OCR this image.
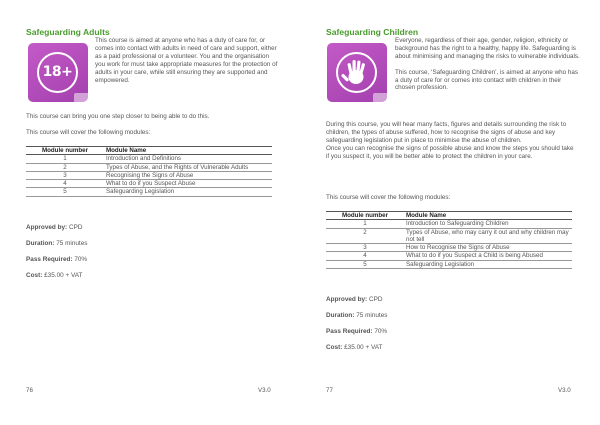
Safeguarding Adults
18+

This course is aimed at anyone who has a duty of care for, or comes into contact with adults in need of care and support, either as a paid professional or a volunteer. You and the organisation you work for must take appropriate measures for the protection of adults in your care, while still ensuring they are supported and empowered.

This course can bring you one step closer to being able to do this.

This course will cover the following modules:

Module number	Module Name
1	Introduction and Definitions
2	Types of Abuse, and the Rights of Vulnerable Adults
3	Recognising the Signs of Abuse
4	What to do if you Suspect Abuse
5	Safeguarding Legislation
Approved by: CPD
Duration: 75 minutes
Pass Required: 70%
Cost: £35.00 + VAT
76	V3.0
Safeguarding Children

Everyone, regardless of their age, gender, religion, ethnicity or background has the right to a healthy, happy life. Safeguarding is about minimising and managing the risks to vulnerable individuals.

This course, ‘Safeguarding Children’, is aimed at anyone who has a duty of care for or comes into contact with children in their chosen profession.

During this course, you will hear many facts, figures and details surrounding the risk to children, the types of abuse suffered, how to recognise the signs of abuse and key safeguarding legislation put in place to minimise the abuse of children.

Once you can recognise the signs of possible abuse and know the steps you should take if you suspect it, you will be better able to protect the children in your care.

This course will cover the following modules:

Module number	Module Name
1	Introduction to Safeguarding Children
2	Types of Abuse, who may carry it out and why children may not tell
3	How to Recognise the Signs of Abuse
4	What to do if you Suspect a Child is being Abused
5	Safeguarding Legislation
Approved by: CPD
Duration: 75 minutes
Pass Required: 70%
Cost: £35.00 + VAT
77	V3.0
